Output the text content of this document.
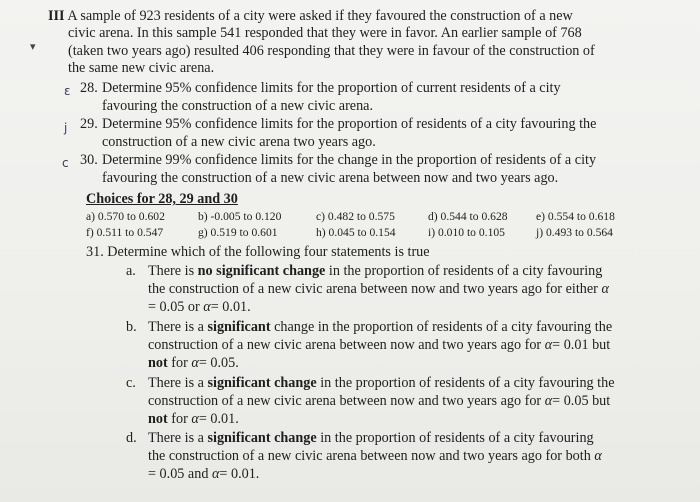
III A sample of 923 residents of a city were asked if they favoured the construction of a new
civic arena. In this sample 541 responded that they were in favor. An earlier sample of 768
(taken two years ago) resulted 406 responding that they were in favour of the construction of
the same new civic arena.
▾
ε 28. Determine 95% confidence limits for the proportion of current residents of a city
favouring the construction of a new civic arena.
j 29. Determine 95% confidence limits for the proportion of residents of a city favouring the
construction of a new civic arena two years ago.
c 30. Determine 99% confidence limits for the change in the proportion of residents of a city
favouring the construction of a new civic arena between now and two years ago.
Choices for 28, 29 and 30
a) 0.570 to 0.602	b) -0.005 to 0.120	c) 0.482 to 0.575	d) 0.544 to 0.628 e) 0.554 to 0.618
f) 0.511 to 0.547	g) 0.519 to 0.601	h) 0.045 to 0.154	i) 0.010 to 0.105	j) 0.493 to 0.564
31. Determine which of the following four statements is true
a. There is no significant change in the proportion of residents of a city favouring
the construction of a new civic arena between now and two years ago for either α
= 0.05 or α= 0.01.
b. There is a significant change in the proportion of residents of a city favouring the
construction of a new civic arena between now and two years ago for α= 0.01 but
not for α= 0.05.
c. There is a significant change in the proportion of residents of a city favouring the
construction of a new civic arena between now and two years ago for α= 0.05 but
not for α= 0.01.
d. There is a significant change in the proportion of residents of a city favouring
the construction of a new civic arena between now and two years ago for both α
= 0.05 and α= 0.01.
